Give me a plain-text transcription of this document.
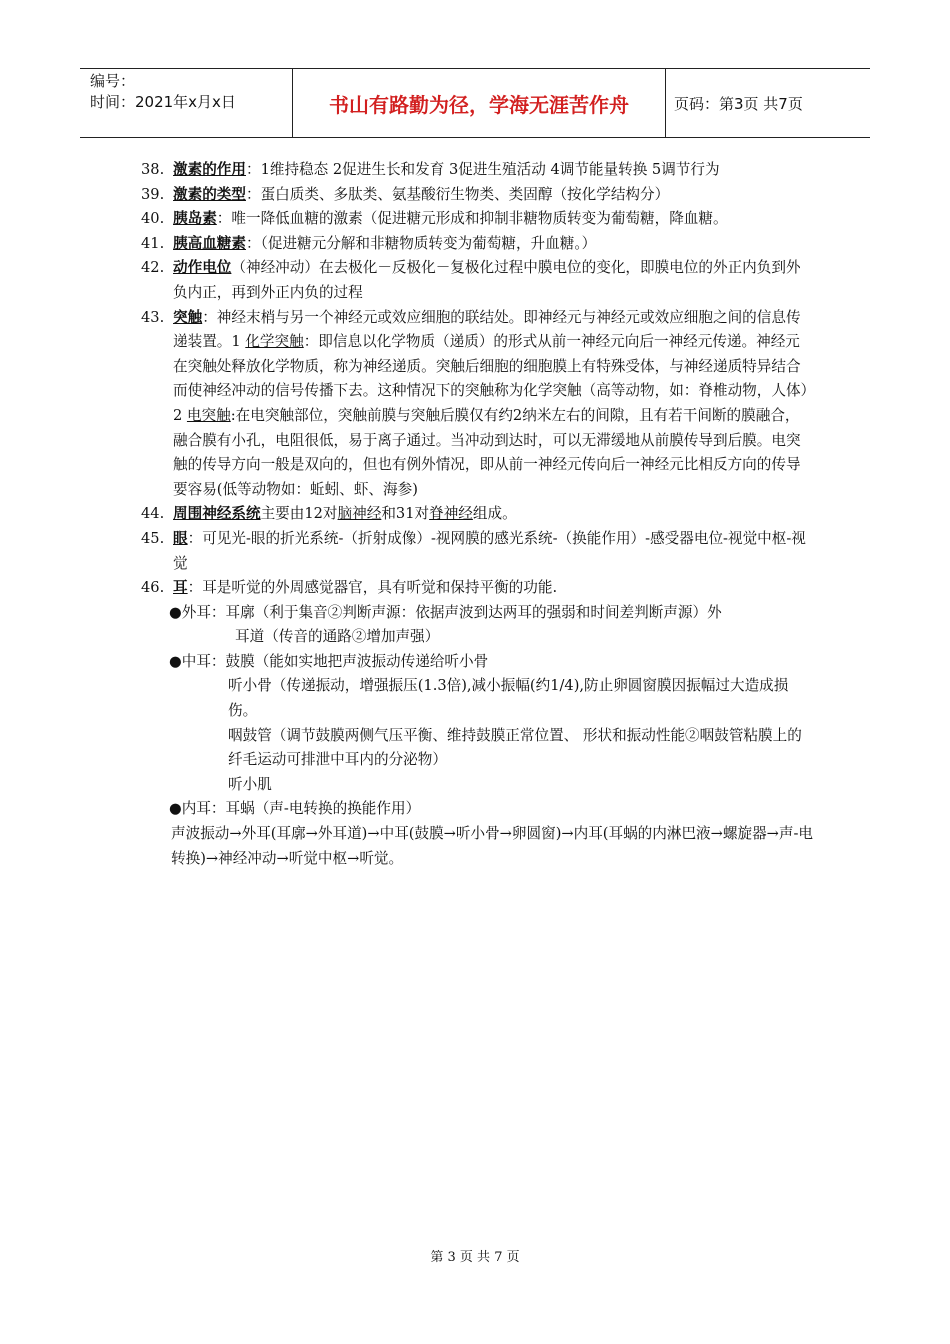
编号：
时间：2021年x月x日	书山有路勤为径，学海无涯苦作舟	页码：第3页 共7页
38. 激素的作用：1维持稳态 2促进生长和发育 3促进生殖活动 4调节能量转换 5调节行为
39. 激素的类型：蛋白质类、多肽类、氨基酸衍生物类、类固醇（按化学结构分）
40. 胰岛素：唯一降低血糖的激素（促进糖元形成和抑制非糖物质转变为葡萄糖，降血糖。
41. 胰高血糖素：（促进糖元分解和非糖物质转变为葡萄糖，升血糖。）
42. 动作电位（神经冲动）在去极化－反极化－复极化过程中膜电位的变化，即膜电位的外正内负到外负内正，再到外正内负的过程
43. 突触：神经末梢与另一个神经元或效应细胞的联结处。即神经元与神经元或效应细胞之间的信息传递装置。1 化学突触：即信息以化学物质（递质）的形式从前一神经元向后一神经元传递。神经元在突触处释放化学物质，称为神经递质。突触后细胞的细胞膜上有特殊受体，与神经递质特异结合而使神经冲动的信号传播下去。这种情况下的突触称为化学突触（高等动物，如：脊椎动物，人体）2 电突触:在电突触部位，突触前膜与突触后膜仅有约2纳米左右的间隙，且有若干间断的膜融合，融合膜有小孔，电阻很低，易于离子通过。当冲动到达时，可以无滞缓地从前膜传导到后膜。电突触的传导方向一般是双向的，但也有例外情况，即从前一神经元传向后一神经元比相反方向的传导要容易(低等动物如：蚯蚓、虾、海参)
44. 周围神经系统主要由12对脑神经和31对脊神经组成。
45. 眼：可见光-眼的折光系统-（折射成像）-视网膜的感光系统-（换能作用）-感受器电位-视觉中枢-视觉
46. 耳：耳是听觉的外周感觉器官，具有听觉和保持平衡的功能.
●外耳：耳廓（利于集音②判断声源：依据声波到达两耳的强弱和时间差判断声源）外
耳道（传音的通路②增加声强）
●中耳：鼓膜（能如实地把声波振动传递给听小骨
听小骨（传递振动，增强振压(1.3倍),减小振幅(约1/4),防止卵圆窗膜因振幅过大造成损伤。
咽鼓管（调节鼓膜两侧气压平衡、维持鼓膜正常位置、 形状和振动性能②咽鼓管粘膜上的纤毛运动可排泄中耳内的分泌物）
听小肌
●内耳：耳蜗（声-电转换的换能作用）
声波振动→外耳(耳廓→外耳道)→中耳(鼓膜→听小骨→卵圆窗)→内耳(耳蜗的内淋巴液→螺旋器→声-电转换)→神经冲动→听觉中枢→听觉。
第 3 页 共 7 页
